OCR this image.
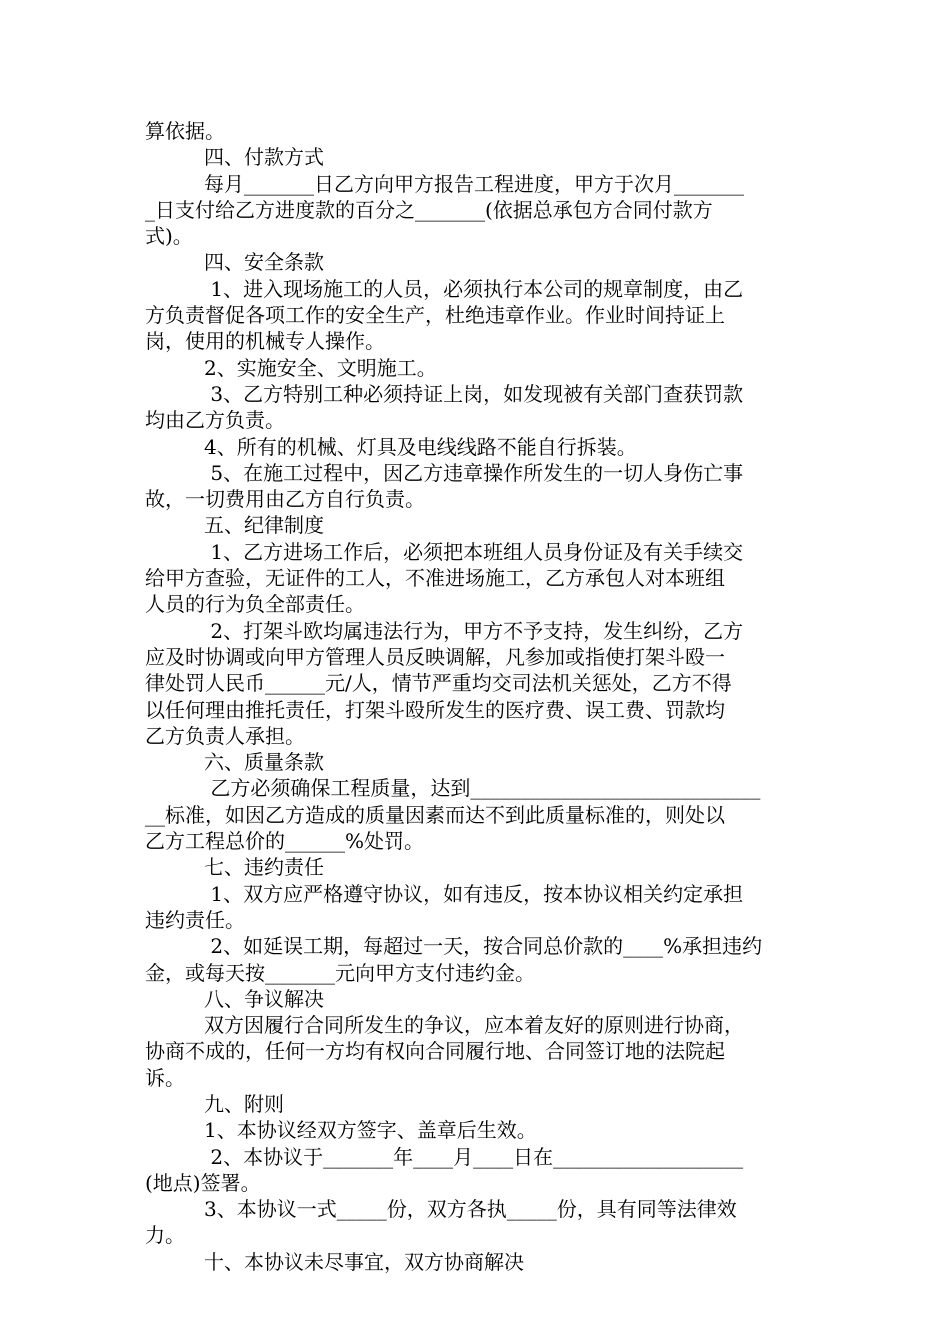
算依据。
四、付款方式
每月_______日乙方向甲方报告工程进度，甲方于次月_______
_日支付给乙方进度款的百分之_______(依据总承包方合同付款方
式)。
四、安全条款
1、进入现场施工的人员，必须执行本公司的规章制度，由乙
方负责督促各项工作的安全生产，杜绝违章作业。作业时间持证上
岗，使用的机械专人操作。
2、实施安全、文明施工。
3、乙方特别工种必须持证上岗，如发现被有关部门查获罚款
均由乙方负责。
4、所有的机械、灯具及电线线路不能自行拆装。
5、在施工过程中，因乙方违章操作所发生的一切人身伤亡事
故，一切费用由乙方自行负责。
五、纪律制度
1、乙方进场工作后，必须把本班组人员身份证及有关手续交
给甲方查验，无证件的工人，不准进场施工，乙方承包人对本班组
人员的行为负全部责任。
2、打架斗欧均属违法行为，甲方不予支持，发生纠纷，乙方
应及时协调或向甲方管理人员反映调解，凡参加或指使打架斗殴一
律处罚人民币______元/人，情节严重均交司法机关惩处，乙方不得
以任何理由推托责任，打架斗殴所发生的医疗费、误工费、罚款均
乙方负责人承担。
六、质量条款
乙方必须确保工程质量，达到_____________________________
__标准，如因乙方造成的质量因素而达不到此质量标准的，则处以
乙方工程总价的______%处罚。
七、违约责任
1、双方应严格遵守协议，如有违反，按本协议相关约定承担
违约责任。
2、如延误工期，每超过一天，按合同总价款的____%承担违约
金，或每天按_______元向甲方支付违约金。
八、争议解决
双方因履行合同所发生的争议，应本着友好的原则进行协商，
协商不成的，任何一方均有权向合同履行地、合同签订地的法院起
诉。
九、附则
1、本协议经双方签字、盖章后生效。
2、本协议于_______年____月____日在___________________
(地点)签署。
3、本协议一式_____份，双方各执_____份，具有同等法律效
力。
十、本协议未尽事宜，双方协商解决
